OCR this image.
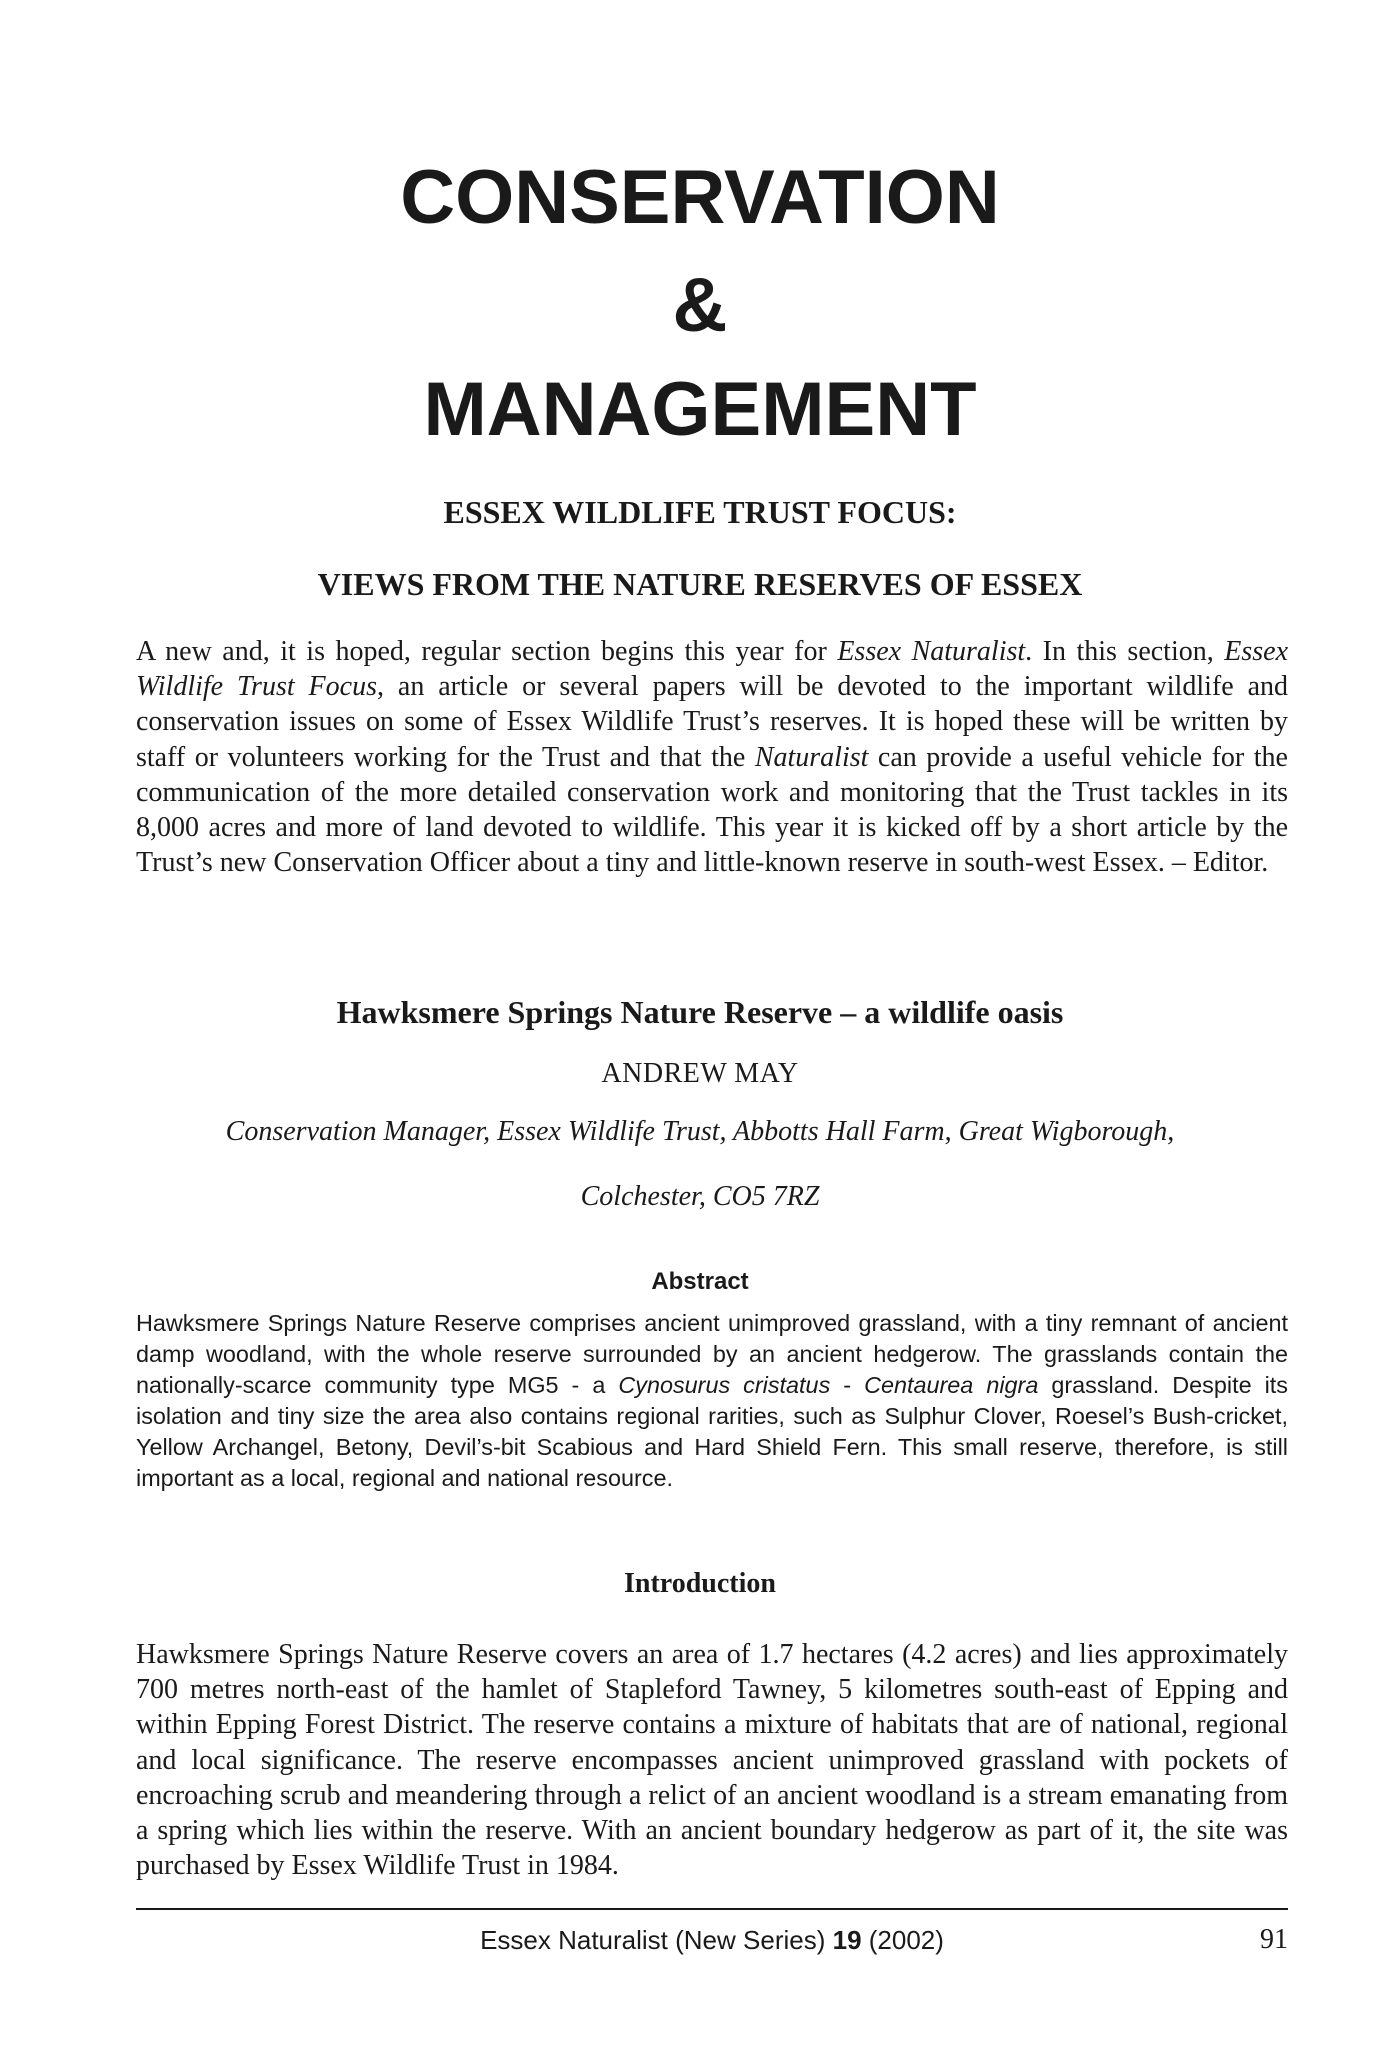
CONSERVATION
&
MANAGEMENT
ESSEX WILDLIFE TRUST FOCUS:
VIEWS FROM THE NATURE RESERVES OF ESSEX

A new and, it is hoped, regular section begins this year for Essex Naturalist. In this section, Essex Wildlife Trust Focus, an article or several papers will be devoted to the important wildlife and conservation issues on some of Essex Wildlife Trust’s reserves. It is hoped these will be written by staff or volunteers working for the Trust and that the Naturalist can provide a useful vehicle for the communication of the more detailed conservation work and monitoring that the Trust tackles in its 8,000 acres and more of land devoted to wildlife. This year it is kicked off by a short article by the Trust’s new Conservation Officer about a tiny and little-known reserve in south-west Essex. – Editor.

Hawksmere Springs Nature Reserve – a wildlife oasis

ANDREW MAY

Conservation Manager, Essex Wildlife Trust, Abbotts Hall Farm, Great Wigborough,

Colchester, CO5 7RZ

Abstract

Hawksmere Springs Nature Reserve comprises ancient unimproved grassland, with a tiny remnant of ancient damp woodland, with the whole reserve surrounded by an ancient hedgerow. The grasslands contain the nationally-scarce community type MG5 - a Cynosurus cristatus - Centaurea nigra grassland. Despite its isolation and tiny size the area also contains regional rarities, such as Sulphur Clover, Roesel’s Bush-cricket, Yellow Archangel, Betony, Devil’s-bit Scabious and Hard Shield Fern. This small reserve, therefore, is still important as a local, regional and national resource.

Introduction

Hawksmere Springs Nature Reserve covers an area of 1.7 hectares (4.2 acres) and lies approximately 700 metres north-east of the hamlet of Stapleford Tawney, 5 kilometres south-east of Epping and within Epping Forest District. The reserve contains a mixture of habitats that are of national, regional and local significance. The reserve encompasses ancient unimproved grassland with pockets of encroaching scrub and meandering through a relict of an ancient woodland is a stream emanating from a spring which lies within the reserve. With an ancient boundary hedgerow as part of it, the site was purchased by Essex Wildlife Trust in 1984.

Essex Naturalist (New Series) 19 (2002)	91
